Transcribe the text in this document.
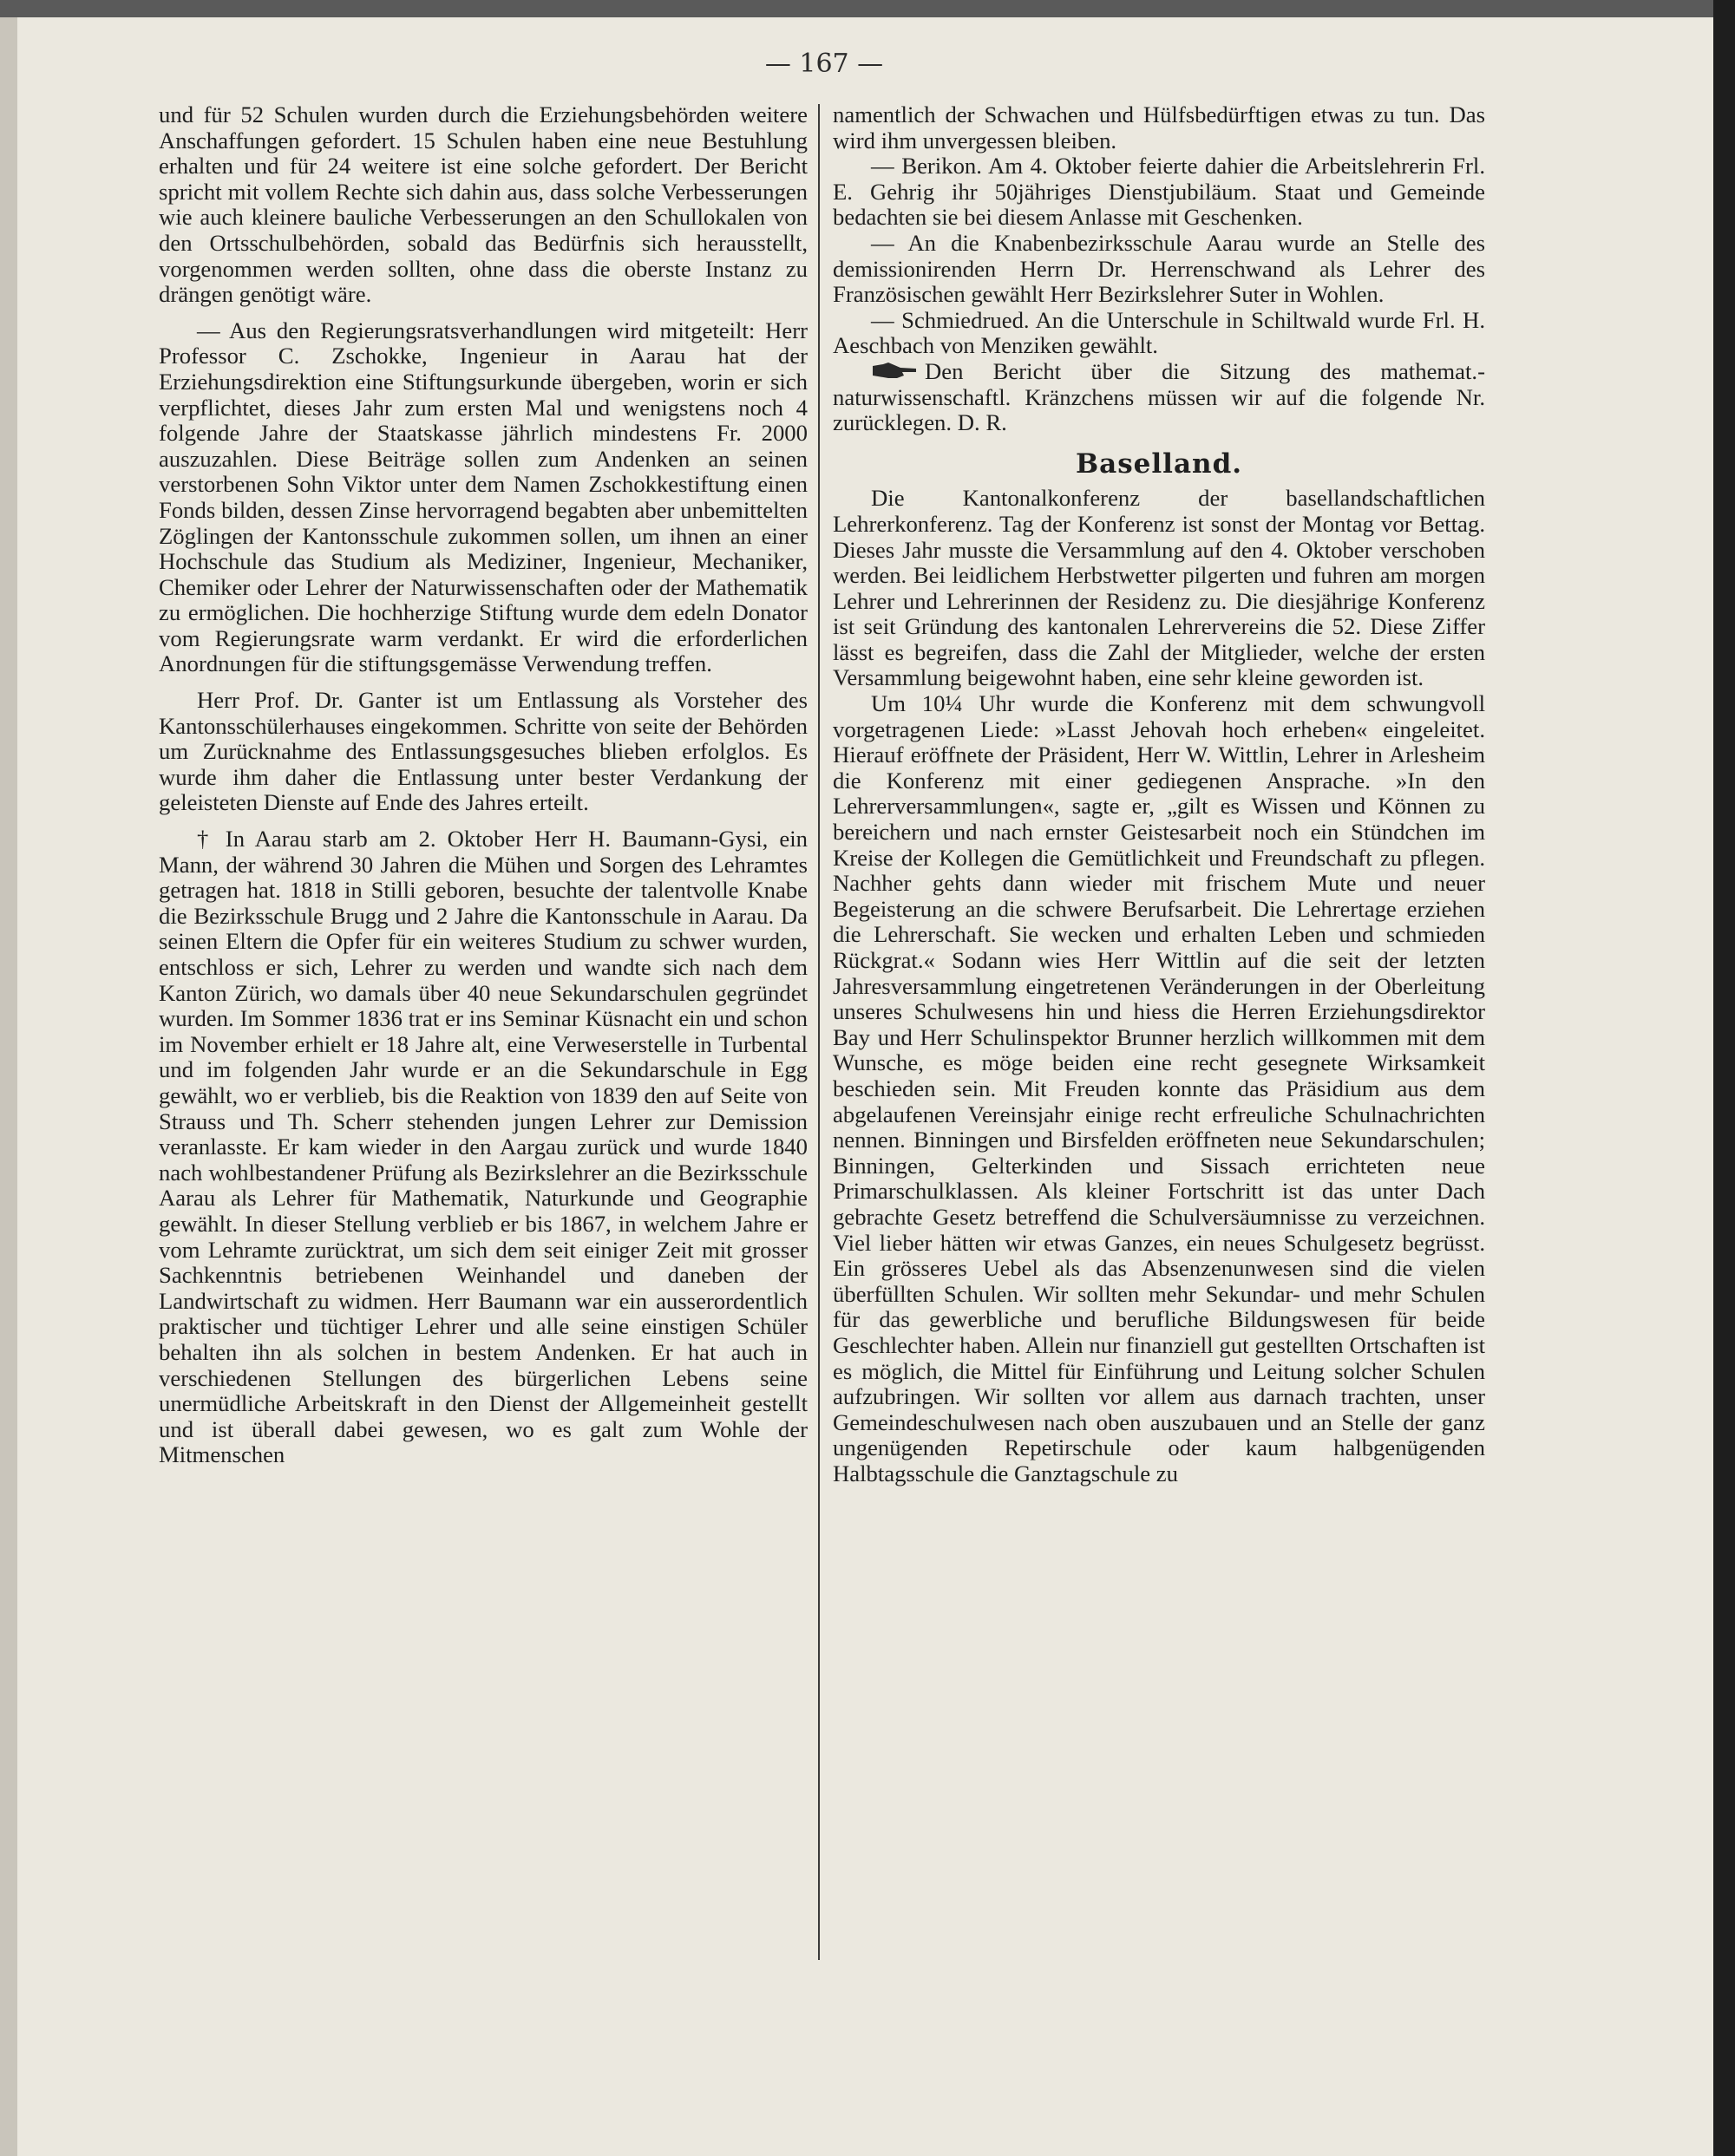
— 167 —

und für 52 Schulen wurden durch die Erziehungsbehörden weitere Anschaffungen gefordert. 15 Schulen haben eine neue Bestuhlung erhalten und für 24 weitere ist eine solche gefordert. Der Bericht spricht mit vollem Rechte sich dahin aus, dass solche Verbesserungen wie auch kleinere bauliche Verbesserungen an den Schullokalen von den Ortsschulbehörden, sobald das Bedürfnis sich herausstellt, vorgenommen werden sollten, ohne dass die oberste Instanz zu drängen genötigt wäre.

— Aus den Regierungsratsverhandlungen wird mitgeteilt: Herr Professor C. Zschokke, Ingenieur in Aarau hat der Erziehungsdirektion eine Stiftungsurkunde übergeben, worin er sich verpflichtet, dieses Jahr zum ersten Mal und wenigstens noch 4 folgende Jahre der Staatskasse jährlich mindestens Fr. 2000 auszuzahlen. Diese Beiträge sollen zum Andenken an seinen verstorbenen Sohn Viktor unter dem Namen Zschokkestiftung einen Fonds bilden, dessen Zinse hervorragend begabten aber unbemittelten Zöglingen der Kantonsschule zukommen sollen, um ihnen an einer Hochschule das Studium als Mediziner, Ingenieur, Mechaniker, Chemiker oder Lehrer der Naturwissenschaften oder der Mathematik zu ermöglichen. Die hochherzige Stiftung wurde dem edeln Donator vom Regierungsrate warm verdankt. Er wird die erforderlichen Anordnungen für die stiftungsgemässe Verwendung treffen.

Herr Prof. Dr. Ganter ist um Entlassung als Vorsteher des Kantonsschülerhauses eingekommen. Schritte von seite der Behörden um Zurücknahme des Entlassungsgesuches blieben erfolglos. Es wurde ihm daher die Entlassung unter bester Verdankung der geleisteten Dienste auf Ende des Jahres erteilt.

† In Aarau starb am 2. Oktober Herr H. Baumann-Gysi, ein Mann, der während 30 Jahren die Mühen und Sorgen des Lehramtes getragen hat. 1818 in Stilli geboren, besuchte der talentvolle Knabe die Bezirksschule Brugg und 2 Jahre die Kantonsschule in Aarau. Da seinen Eltern die Opfer für ein weiteres Studium zu schwer wurden, entschloss er sich, Lehrer zu werden und wandte sich nach dem Kanton Zürich, wo damals über 40 neue Sekundarschulen gegründet wurden. Im Sommer 1836 trat er ins Seminar Küsnacht ein und schon im November erhielt er 18 Jahre alt, eine Verweserstelle in Turbental und im folgenden Jahr wurde er an die Sekundarschule in Egg gewählt, wo er verblieb, bis die Reaktion von 1839 den auf Seite von Strauss und Th. Scherr stehenden jungen Lehrer zur Demission veranlasste. Er kam wieder in den Aargau zurück und wurde 1840 nach wohlbestandener Prüfung als Bezirkslehrer an die Bezirksschule Aarau als Lehrer für Mathematik, Naturkunde und Geographie gewählt. In dieser Stellung verblieb er bis 1867, in welchem Jahre er vom Lehramte zurücktrat, um sich dem seit einiger Zeit mit grosser Sachkenntnis betriebenen Weinhandel und daneben der Landwirtschaft zu widmen. Herr Baumann war ein ausserordentlich praktischer und tüchtiger Lehrer und alle seine einstigen Schüler behalten ihn als solchen in bestem Andenken. Er hat auch in verschiedenen Stellungen des bürgerlichen Lebens seine unermüdliche Arbeitskraft in den Dienst der Allgemeinheit gestellt und ist überall dabei gewesen, wo es galt zum Wohle der Mitmenschen

namentlich der Schwachen und Hülfsbedürftigen etwas zu tun. Das wird ihm unvergessen bleiben.

— Berikon. Am 4. Oktober feierte dahier die Arbeitslehrerin Frl. E. Gehrig ihr 50jähriges Dienstjubiläum. Staat und Gemeinde bedachten sie bei diesem Anlasse mit Geschenken.

— An die Knabenbezirksschule Aarau wurde an Stelle des demissionirenden Herrn Dr. Herrenschwand als Lehrer des Französischen gewählt Herr Bezirkslehrer Suter in Wohlen.

— Schmiedrued. An die Unterschule in Schiltwald wurde Frl. H. Aeschbach von Menziken gewählt.

Den Bericht über die Sitzung des mathemat.-naturwissenschaftl. Kränzchens müssen wir auf die folgende Nr. zurücklegen. D. R.

Baselland.

Die Kantonalkonferenz der basellandschaftlichen Lehrerkonferenz. Tag der Konferenz ist sonst der Montag vor Bettag. Dieses Jahr musste die Versammlung auf den 4. Oktober verschoben werden. Bei leidlichem Herbstwetter pilgerten und fuhren am morgen Lehrer und Lehrerinnen der Residenz zu. Die diesjährige Konferenz ist seit Gründung des kantonalen Lehrervereins die 52. Diese Ziffer lässt es begreifen, dass die Zahl der Mitglieder, welche der ersten Versammlung beigewohnt haben, eine sehr kleine geworden ist.

Um 10¼ Uhr wurde die Konferenz mit dem schwungvoll vorgetragenen Liede: »Lasst Jehovah hoch erheben« eingeleitet. Hierauf eröffnete der Präsident, Herr W. Wittlin, Lehrer in Arlesheim die Konferenz mit einer gediegenen Ansprache. »In den Lehrerversammlungen«, sagte er, „gilt es Wissen und Können zu bereichern und nach ernster Geistesarbeit noch ein Stündchen im Kreise der Kollegen die Gemütlichkeit und Freundschaft zu pflegen. Nachher gehts dann wieder mit frischem Mute und neuer Begeisterung an die schwere Berufsarbeit. Die Lehrertage erziehen die Lehrerschaft. Sie wecken und erhalten Leben und schmieden Rückgrat.« Sodann wies Herr Wittlin auf die seit der letzten Jahresversammlung eingetretenen Veränderungen in der Oberleitung unseres Schulwesens hin und hiess die Herren Erziehungsdirektor Bay und Herr Schulinspektor Brunner herzlich willkommen mit dem Wunsche, es möge beiden eine recht gesegnete Wirksamkeit beschieden sein. Mit Freuden konnte das Präsidium aus dem abgelaufenen Vereinsjahr einige recht erfreuliche Schulnachrichten nennen. Binningen und Birsfelden eröffneten neue Sekundarschulen; Binningen, Gelterkinden und Sissach errichteten neue Primarschulklassen. Als kleiner Fortschritt ist das unter Dach gebrachte Gesetz betreffend die Schulversäumnisse zu verzeichnen. Viel lieber hätten wir etwas Ganzes, ein neues Schulgesetz begrüsst. Ein grösseres Uebel als das Absenzenunwesen sind die vielen überfüllten Schulen. Wir sollten mehr Sekundar- und mehr Schulen für das gewerbliche und berufliche Bildungswesen für beide Geschlechter haben. Allein nur finanziell gut gestellten Ortschaften ist es möglich, die Mittel für Einführung und Leitung solcher Schulen aufzubringen. Wir sollten vor allem aus darnach trachten, unser Gemeindeschulwesen nach oben auszubauen und an Stelle der ganz ungenügenden Repetirschule oder kaum halbgenügenden Halbtagsschule die Ganztagschule zu
